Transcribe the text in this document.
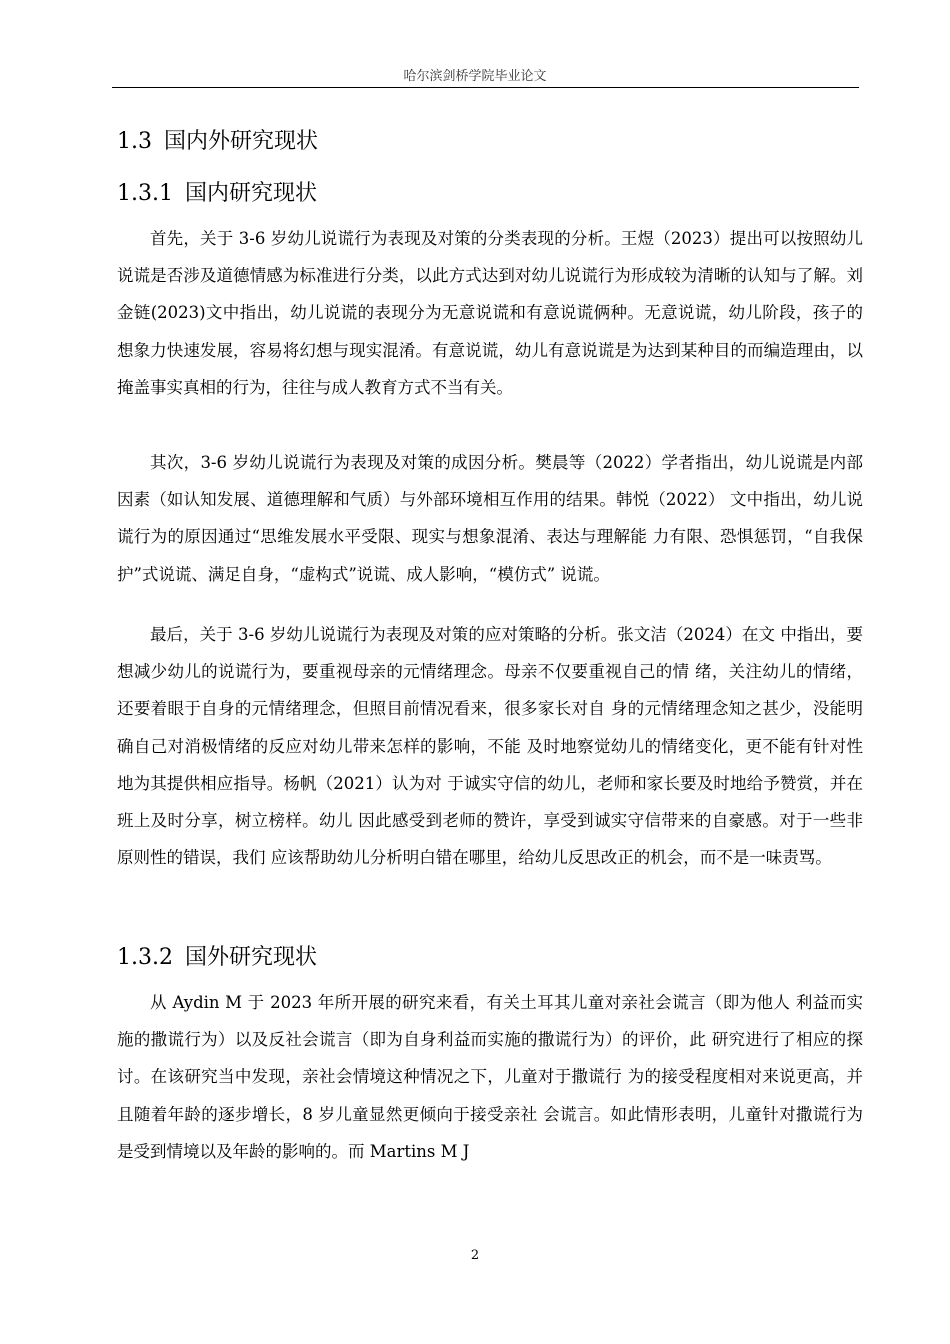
哈尔滨剑桥学院毕业论文
1.3 国内外研究现状
1.3.1 国内研究现状

首先，关于 3-6 岁幼儿说谎行为表现及对策的分类表现的分析。王煜（2023）提出可以按照幼儿说谎是否涉及道德情感为标准进行分类，以此方式达到对幼儿说谎行为形成较为清晰的认知与了解。刘金链(2023)文中指出，幼儿说谎的表现分为无意说谎和有意说谎俩种。无意说谎，幼儿阶段，孩子的想象力快速发展，容易将幻想与现实混淆。有意说谎，幼儿有意说谎是为达到某种目的而编造理由，以掩盖事实真相的行为，往往与成人教育方式不当有关。

其次，3-6 岁幼儿说谎行为表现及对策的成因分析。樊晨等（2022）学者指出，幼儿说谎是内部因素（如认知发展、道德理解和气质）与外部环境相互作用的结果。韩悦（2022） 文中指出，幼儿说谎行为的原因通过“思维发展水平受限、现实与想象混淆、表达与理解能 力有限、恐惧惩罚，“自我保护”式说谎、满足自身，“虚构式”说谎、成人影响，“模仿式” 说谎。

最后，关于 3-6 岁幼儿说谎行为表现及对策的应对策略的分析。张文洁（2024）在文 中指出，要想减少幼儿的说谎行为，要重视母亲的元情绪理念。母亲不仅要重视自己的情 绪，关注幼儿的情绪，还要着眼于自身的元情绪理念，但照目前情况看来，很多家长对自 身的元情绪理念知之甚少，没能明确自己对消极情绪的反应对幼儿带来怎样的影响，不能 及时地察觉幼儿的情绪变化，更不能有针对性地为其提供相应指导。杨帆（2021）认为对 于诚实守信的幼儿，老师和家长要及时地给予赞赏，并在班上及时分享，树立榜样。幼儿 因此感受到老师的赞许，享受到诚实守信带来的自豪感。对于一些非原则性的错误，我们 应该帮助幼儿分析明白错在哪里，给幼儿反思改正的机会，而不是一味责骂。

1.3.2 国外研究现状

从 Aydin M 于 2023 年所开展的研究来看，有关土耳其儿童对亲社会谎言（即为他人 利益而实施的撒谎行为）以及反社会谎言（即为自身利益而实施的撒谎行为）的评价，此 研究进行了相应的探讨。在该研究当中发现，亲社会情境这种情况之下，儿童对于撒谎行 为的接受程度相对来说更高，并且随着年龄的逐步增长，8 岁儿童显然更倾向于接受亲社 会谎言。如此情形表明，儿童针对撒谎行为是受到情境以及年龄的影响的。而 Martins M J

2
